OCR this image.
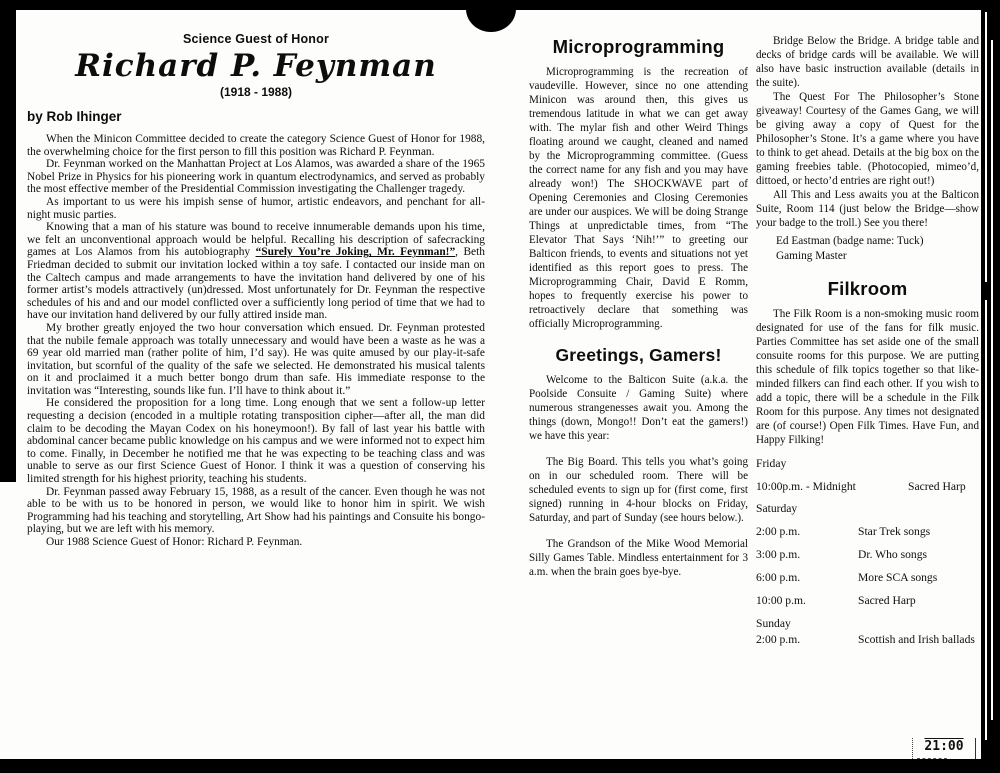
Science Guest of Honor
Richard P. Feynman
(1918 - 1988)
by Rob Ihinger

When the Minicon Committee decided to create the category Science Guest of Honor for 1988, the overwhelming choice for the first person to fill this position was Richard P. Feynman.

Dr. Feynman worked on the Manhattan Project at Los Alamos, was awarded a share of the 1965 Nobel Prize in Physics for his pioneering work in quantum electrodynamics, and served as probably the most effective member of the Presidential Commission investigating the Challenger tragedy.

As important to us were his impish sense of humor, artistic endeavors, and penchant for all-night music parties.

Knowing that a man of his stature was bound to receive innumerable demands upon his time, we felt an unconventional approach would be helpful. Recalling his description of safecracking games at Los Alamos from his autobiography “Surely You’re Joking, Mr. Feynman!”, Beth Friedman decided to submit our invitation locked within a toy safe. I contacted our inside man on the Caltech campus and made arrangements to have the invitation hand delivered by one of his former artist’s models attractively (un)dressed. Most unfortunately for Dr. Feynman the respective schedules of his and and our model conflicted over a sufficiently long period of time that we had to have our invitation hand delivered by our fully attired inside man.

My brother greatly enjoyed the two hour conversation which ensued. Dr. Feynman protested that the nubile female approach was totally unnecessary and would have been a waste as he was a 69 year old married man (rather polite of him, I’d say). He was quite amused by our play-it-safe invitation, but scornful of the quality of the safe we selected. He demonstrated his musical talents on it and proclaimed it a much better bongo drum than safe. His immediate response to the invitation was “Interesting, sounds like fun. I’ll have to think about it.”

He considered the proposition for a long time. Long enough that we sent a follow-up letter requesting a decision (encoded in a multiple rotating transposition cipher—after all, the man did claim to be decoding the Mayan Codex on his honeymoon!). By fall of last year his battle with abdominal cancer became public knowledge on his campus and we were informed not to expect him to come. Finally, in December he notified me that he was expecting to be teaching class and was unable to serve as our first Science Guest of Honor. I think it was a question of conserving his limited strength for his highest priority, teaching his students.

Dr. Feynman passed away February 15, 1988, as a result of the cancer. Even though he was not able to be with us to be honored in person, we would like to honor him in spirit. We wish Programming had his teaching and storytelling, Art Show had his paintings and Consuite his bongo-playing, but we are left with his memory.

Our 1988 Science Guest of Honor: Richard P. Feynman.

Microprogramming

Microprogramming is the recreation of vaudeville. However, since no one attending Minicon was around then, this gives us tremendous latitude in what we can get away with. The mylar fish and other Weird Things floating around we caught, cleaned and named by the Microprogramming committee. (Guess the correct name for any fish and you may have already won!) The SHOCKWAVE part of Opening Ceremonies and Closing Ceremonies are under our auspices. We will be doing Strange Things at unpredictable times, from “The Elevator That Says ‘Nih!’” to greeting our Balticon friends, to events and situations not yet identified as this report goes to press. The Microprogramming Chair, David E Romm, hopes to frequently exercise his power to retroactively declare that something was officially Microprogramming.

Greetings, Gamers!

Welcome to the Balticon Suite (a.k.a. the Poolside Consuite / Gaming Suite) where numerous strangenesses await you. Among the things (down, Mongo!! Don’t eat the gamers!) we have this year:

The Big Board. This tells you what’s going on in our scheduled room. There will be scheduled events to sign up for (first come, first signed) running in 4-hour blocks on Friday, Saturday, and part of Sunday (see hours below.).

The Grandson of the Mike Wood Memorial Silly Games Table. Mindless entertainment for 3 a.m. when the brain goes bye-bye.

Bridge Below the Bridge. A bridge table and decks of bridge cards will be available. We will also have basic instruction available (details in the suite).

The Quest For The Philosopher’s Stone giveaway! Courtesy of the Games Gang, we will be giving away a copy of Quest for the Philosopher’s Stone. It’s a game where you have to think to get ahead. Details at the big box on the gaming freebies table. (Photocopied, mimeo’d, dittoed, or hecto’d entries are right out!)

All This and Less awaits you at the Balticon Suite, Room 114 (just below the Bridge—show your badge to the troll.) See you there!

Ed Eastman (badge name: Tuck)
Gaming Master
Filkroom

The Filk Room is a non-smoking music room designated for use of the fans for filk music. Parties Committee has set aside one of the small consuite rooms for this purpose. We are putting this schedule of filk topics together so that like-minded filkers can find each other. If you wish to add a topic, there will be a schedule in the Filk Room for this purpose. Any times not designated are (of course!) Open Filk Times. Have Fun, and Happy Filking!

Friday
10:00p.m. - Midnight	Sacred Harp
Saturday
2:00 p.m.	Star Trek songs
3:00 p.m.	Dr. Who songs
6:00 p.m.	More SCA songs
10:00 p.m.	Sacred Harp
Sunday
2:00 p.m.	Scottish and Irish ballads
21:00
